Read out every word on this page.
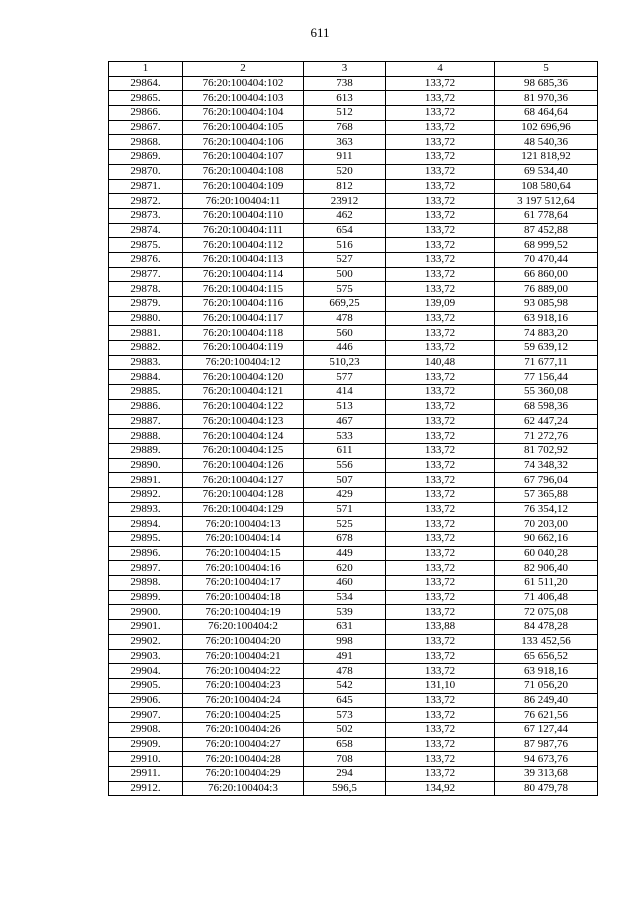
611
1	2	3	4	5
29864.	76:20:100404:102	738	133,72	98 685,36
29865.	76:20:100404:103	613	133,72	81 970,36
29866.	76:20:100404:104	512	133,72	68 464,64
29867.	76:20:100404:105	768	133,72	102 696,96
29868.	76:20:100404:106	363	133,72	48 540,36
29869.	76:20:100404:107	911	133,72	121 818,92
29870.	76:20:100404:108	520	133,72	69 534,40
29871.	76:20:100404:109	812	133,72	108 580,64
29872.	76:20:100404:11	23912	133,72	3 197 512,64
29873.	76:20:100404:110	462	133,72	61 778,64
29874.	76:20:100404:111	654	133,72	87 452,88
29875.	76:20:100404:112	516	133,72	68 999,52
29876.	76:20:100404:113	527	133,72	70 470,44
29877.	76:20:100404:114	500	133,72	66 860,00
29878.	76:20:100404:115	575	133,72	76 889,00
29879.	76:20:100404:116	669,25	139,09	93 085,98
29880.	76:20:100404:117	478	133,72	63 918,16
29881.	76:20:100404:118	560	133,72	74 883,20
29882.	76:20:100404:119	446	133,72	59 639,12
29883.	76:20:100404:12	510,23	140,48	71 677,11
29884.	76:20:100404:120	577	133,72	77 156,44
29885.	76:20:100404:121	414	133,72	55 360,08
29886.	76:20:100404:122	513	133,72	68 598,36
29887.	76:20:100404:123	467	133,72	62 447,24
29888.	76:20:100404:124	533	133,72	71 272,76
29889.	76:20:100404:125	611	133,72	81 702,92
29890.	76:20:100404:126	556	133,72	74 348,32
29891.	76:20:100404:127	507	133,72	67 796,04
29892.	76:20:100404:128	429	133,72	57 365,88
29893.	76:20:100404:129	571	133,72	76 354,12
29894.	76:20:100404:13	525	133,72	70 203,00
29895.	76:20:100404:14	678	133,72	90 662,16
29896.	76:20:100404:15	449	133,72	60 040,28
29897.	76:20:100404:16	620	133,72	82 906,40
29898.	76:20:100404:17	460	133,72	61 511,20
29899.	76:20:100404:18	534	133,72	71 406,48
29900.	76:20:100404:19	539	133,72	72 075,08
29901.	76:20:100404:2	631	133,88	84 478,28
29902.	76:20:100404:20	998	133,72	133 452,56
29903.	76:20:100404:21	491	133,72	65 656,52
29904.	76:20:100404:22	478	133,72	63 918,16
29905.	76:20:100404:23	542	131,10	71 056,20
29906.	76:20:100404:24	645	133,72	86 249,40
29907.	76:20:100404:25	573	133,72	76 621,56
29908.	76:20:100404:26	502	133,72	67 127,44
29909.	76:20:100404:27	658	133,72	87 987,76
29910.	76:20:100404:28	708	133,72	94 673,76
29911.	76:20:100404:29	294	133,72	39 313,68
29912.	76:20:100404:3	596,5	134,92	80 479,78
